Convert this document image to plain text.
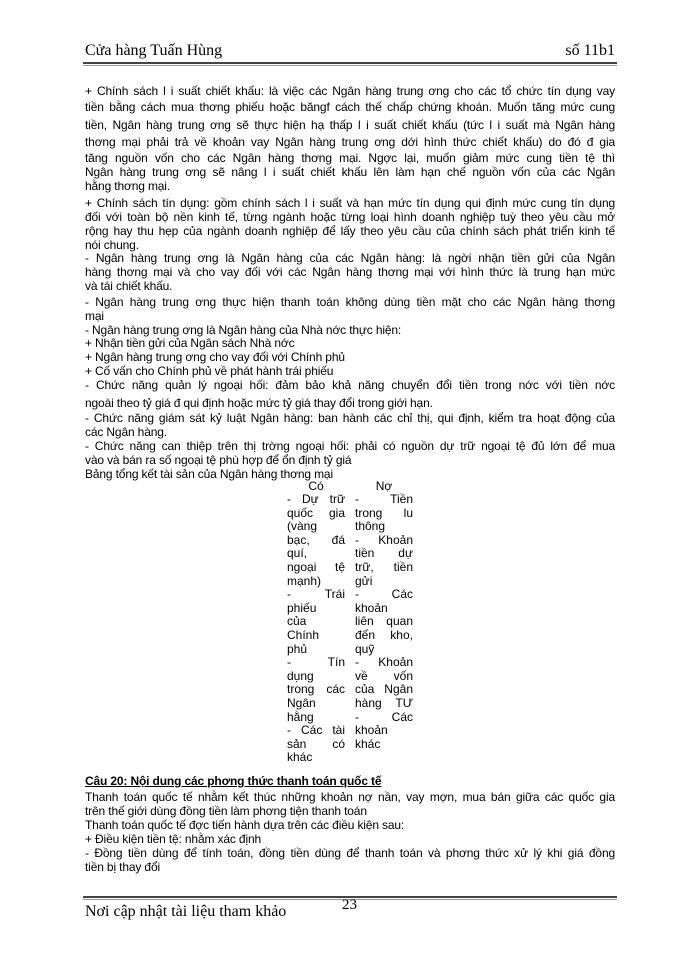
Cửa hàng Tuấn Hùng	số 11b1
+ Chính sách l i suất chiết khấu: là việc các Ngân hàng trung ơng cho các tổ chức tín dụng vay
tiền bằng cách mua thơng phiếu hoặc băngf cách thế chấp chứng khoán. Muốn tăng mức cung
tiền, Ngân hàng trung ơng sẽ thực hiện hạ thấp l i suất chiết khấu (tức l i suất mà Ngân hàng
thơng mại phải trả về khoản vay Ngân hàng trung ơng dới hình thức chiết khấu) do đó đ gia
tăng nguồn vốn cho các Ngân hàng thơng mại. Ngợc lại, muốn giảm mức cung tiền tệ thì
Ngân hàng trung ơng sẽ nâng l i suất chiết khấu lên làm hạn chế nguồn vốn của các Ngân
hằng thơng mại.
+ Chính sách tín dụng: gồm chính sách l i suất và hạn mức tín dụng qui định mức cung tín dụng
đối với toàn bộ nền kinh tế, từng ngành hoặc từng loại hình doanh nghiệp tuỳ theo yêu cầu mở
rộng hay thu hẹp của ngành doanh nghiệp để lấy theo yêu cầu của chính sách phát triển kinh tế
nói chung.
- Ngân hàng trung ơng là Ngân hàng của các Ngân hàng: là ngời nhận tiền gửi của Ngân
hàng thơng mại và cho vay đối với các Ngân hàng thơng mại với hình thức là trung hạn mức
và tái chiết khấu.
- Ngân hàng trung ơng thực hiện thanh toán không dùng tiền mặt cho các Ngân hàng thơng
mại
- Ngân hàng trung ơng là Ngân hàng của Nhà nớc thực hiện:
+ Nhận tiền gửi của Ngân sách Nhà nớc
+ Ngân hàng trung ơng cho vay đối với Chính phủ
+ Cố vấn cho Chính phủ về phát hành trái phiếu
- Chức năng quản lý ngoại hối: đảm bảo khả năng chuyển đổi tiền trong nớc với tiền nớc
ngoài theo tỷ giá đ qui định hoặc mức tỷ giá thay đổi trong giới hạn.
- Chức năng giám sát kỷ luật Ngân hàng: ban hành các chỉ thị, qui định, kiểm tra hoạt động của
các Ngân hàng.
- Chức năng can thiệp trên thị trờng ngoại hối: phải có nguồn dự trữ ngoại tệ đủ lớn để mua
vào và bán ra số ngoại tệ phù hợp để ổn định tỷ giá
Bảng tổng kết tài sản của Ngân hàng thơng mại
Có	Nợ
- Dự trữ
quốc gia
(vàng
bạc, đá
quí,
ngoại tệ
mạnh)
- Trái
phiếu
của
Chính
phủ
- Tín
dụng
trong các
Ngân
hằng
- Các tài
sản có
khác
- Tiền
trong lu
thông
- Khoản
tiền dự
trữ, tiền
gửi
- Các
khoản
liên quan
đến kho,
quỹ
- Khoản
về vốn
của Ngân
hàng TƯ
- Các
khoản
khác
Câu 20: Nội dung các phơng thức thanh toán quốc tế
Thanh toán quốc tế nhằm kết thúc những khoản nợ nần, vay mợn, mua bán giữa các quốc gia
trên thế giới dùng đồng tiền làm phơng tiện thanh toán
Thanh toán quốc tế đợc tiến hành dựa trên các điều kiện sau:
+ Điều kiện tiền tệ: nhằm xác định
- Đồng tiền dùng để tính toán, đồng tiền dùng để thanh toán và phơng thức xử lý khi giá đồng
tiền bị thay đổi
23
Nơi cập nhật tài liệu tham khảo
